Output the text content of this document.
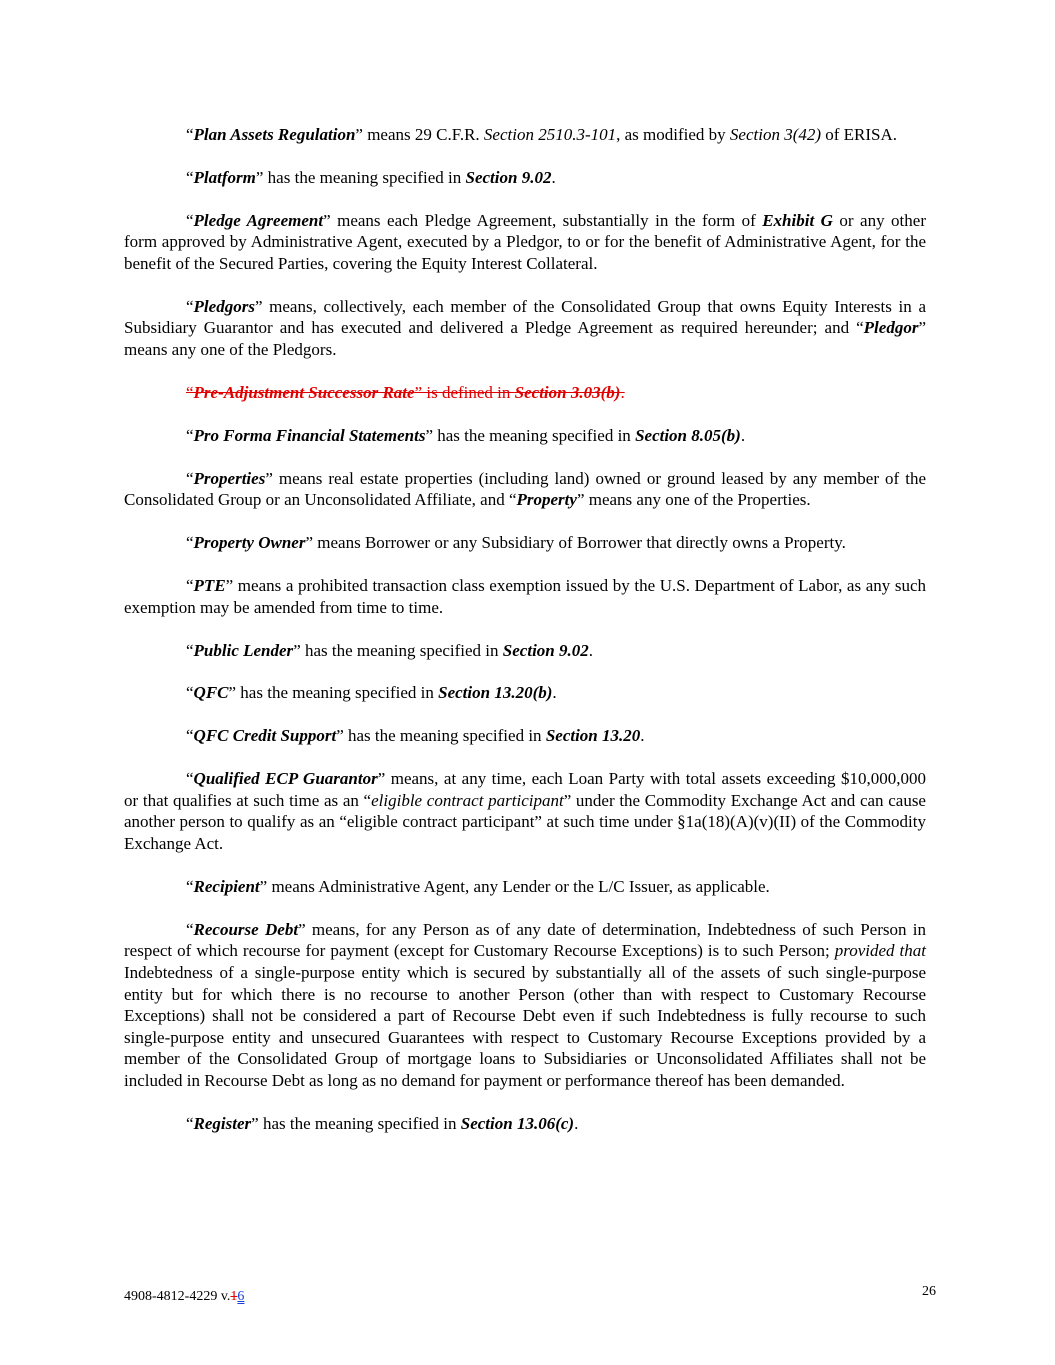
“Plan Assets Regulation” means 29 C.F.R. Section 2510.3-101, as modified by Section 3(42) of ERISA.

“Platform” has the meaning specified in Section 9.02.

“Pledge Agreement” means each Pledge Agreement, substantially in the form of Exhibit G or any other form approved by Administrative Agent, executed by a Pledgor, to or for the benefit of Administrative Agent, for the benefit of the Secured Parties, covering the Equity Interest Collateral.

“Pledgors” means, collectively, each member of the Consolidated Group that owns Equity Interests in a Subsidiary Guarantor and has executed and delivered a Pledge Agreement as required hereunder; and “Pledgor” means any one of the Pledgors.

“Pre-Adjustment Successor Rate” is defined in Section 3.03(b).

“Pro Forma Financial Statements” has the meaning specified in Section 8.05(b).

“Properties” means real estate properties (including land) owned or ground leased by any member of the Consolidated Group or an Unconsolidated Affiliate, and “Property” means any one of the Properties.

“Property Owner” means Borrower or any Subsidiary of Borrower that directly owns a Property.

“PTE” means a prohibited transaction class exemption issued by the U.S. Department of Labor, as any such exemption may be amended from time to time.

“Public Lender” has the meaning specified in Section 9.02.

“QFC” has the meaning specified in Section 13.20(b).

“QFC Credit Support” has the meaning specified in Section 13.20.

“Qualified ECP Guarantor” means, at any time, each Loan Party with total assets exceeding $10,000,000 or that qualifies at such time as an “eligible contract participant” under the Commodity Exchange Act and can cause another person to qualify as an “eligible contract participant” at such time under §1a(18)(A)(v)(II) of the Commodity Exchange Act.

“Recipient” means Administrative Agent, any Lender or the L/C Issuer, as applicable.

“Recourse Debt” means, for any Person as of any date of determination, Indebtedness of such Person in respect of which recourse for payment (except for Customary Recourse Exceptions) is to such Person; provided that Indebtedness of a single-purpose entity which is secured by substantially all of the assets of such single-purpose entity but for which there is no recourse to another Person (other than with respect to Customary Recourse Exceptions) shall not be considered a part of Recourse Debt even if such Indebtedness is fully recourse to such single-purpose entity and unsecured Guarantees with respect to Customary Recourse Exceptions provided by a member of the Consolidated Group of mortgage loans to Subsidiaries or Unconsolidated Affiliates shall not be included in Recourse Debt as long as no demand for payment or performance thereof has been demanded.

“Register” has the meaning specified in Section 13.06(c).

4908-4812-4229 v.16	26
